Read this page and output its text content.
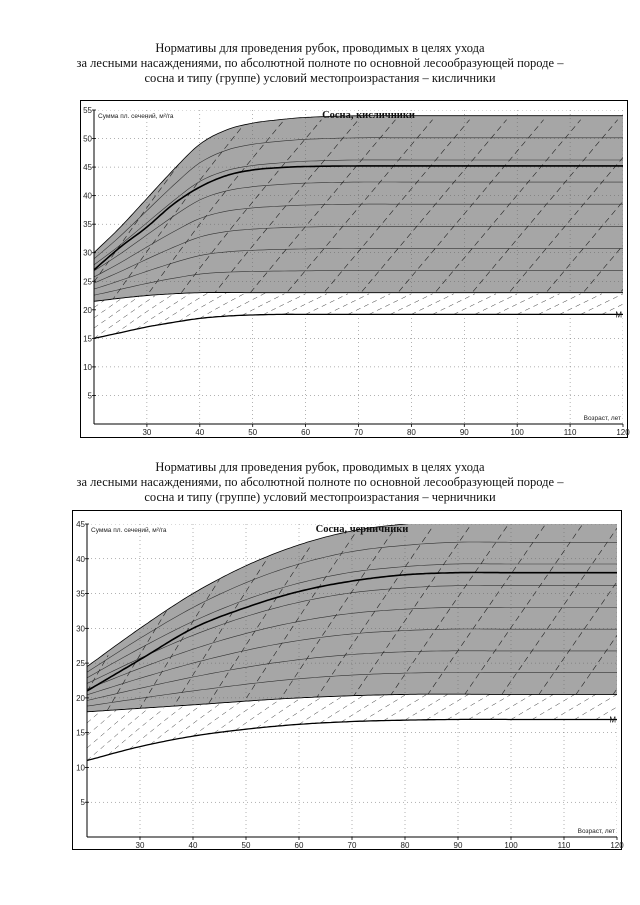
Нормативы для проведения рубок, проводимых в целях ухода
за лесными насаждениями, по абсолютной полноте по основной лесообразующей породе –
сосна и типу (группе) условий местопроизрастания – кисличники
30	40	50	60	70	80	90	100	110	120
5
10
15
20
25
30
35
40
45
50
55
Сумма пл. сечений, м²/га
Возраст, лет
Сосна, кисличники
М
Нормативы для проведения рубок, проводимых в целях ухода
за лесными насаждениями, по абсолютной полноте по основной лесообразующей породе –
сосна и типу (группе) условий местопроизрастания – черничники
30	40	50	60	70	80	90	100	110	120
5
10
15
20
25
30
35
40
45
Сумма пл. сечений, м²/га
Возраст, лет
Сосна, черничники
М
